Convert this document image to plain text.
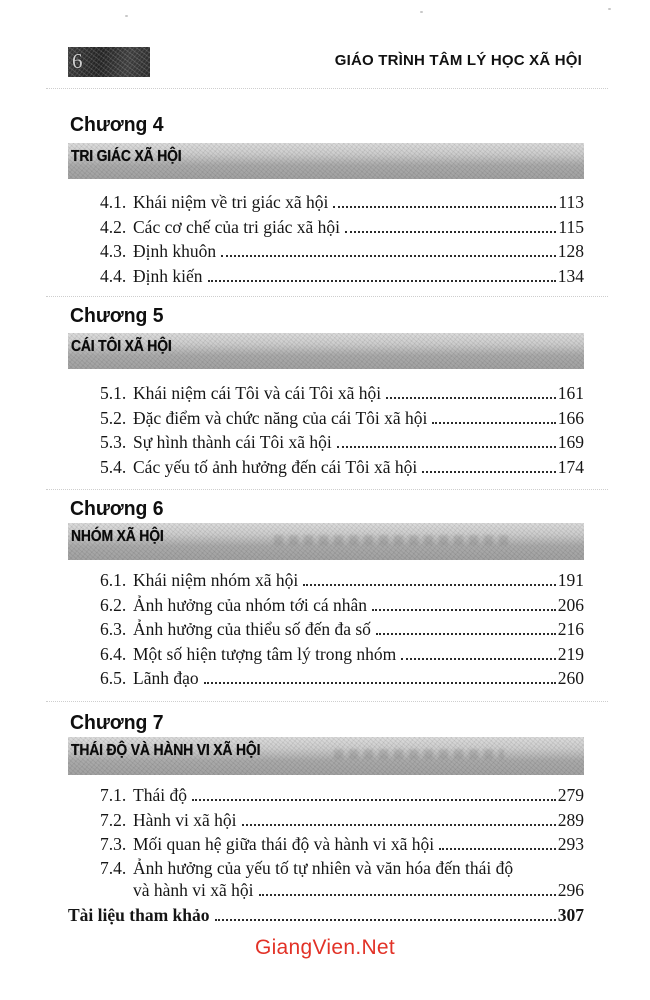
6	GIÁO TRÌNH TÂM LÝ HỌC XÃ HỘI
Chương 4
TRI GIÁC XÃ HỘI
4.1. Khái niệm về tri giác xã hội	113
4.2. Các cơ chế của tri giác xã hội	115
4.3. Định khuôn	128
4.4. Định kiến	134
Chương 5
CÁI TÔI XÃ HỘI
5.1. Khái niệm cái Tôi và cái Tôi xã hội	161
5.2. Đặc điểm và chức năng của cái Tôi xã hội	166
5.3. Sự hình thành cái Tôi xã hội	169
5.4. Các yếu tố ảnh hưởng đến cái Tôi xã hội	174
Chương 6
NHÓM XÃ HỘI
6.1. Khái niệm nhóm xã hội	191
6.2. Ảnh hưởng của nhóm tới cá nhân	206
6.3. Ảnh hưởng của thiểu số đến đa số	216
6.4. Một số hiện tượng tâm lý trong nhóm	219
6.5. Lãnh đạo	260
Chương 7
THÁI ĐỘ VÀ HÀNH VI XÃ HỘI
7.1. Thái độ	279
7.2. Hành vi xã hội	289
7.3. Mối quan hệ giữa thái độ và hành vi xã hội	293
7.4. Ảnh hưởng của yếu tố tự nhiên và văn hóa đến thái độ
và hành vi xã hội	296
Tài liệu tham khảo	307
GiangVien.Net
